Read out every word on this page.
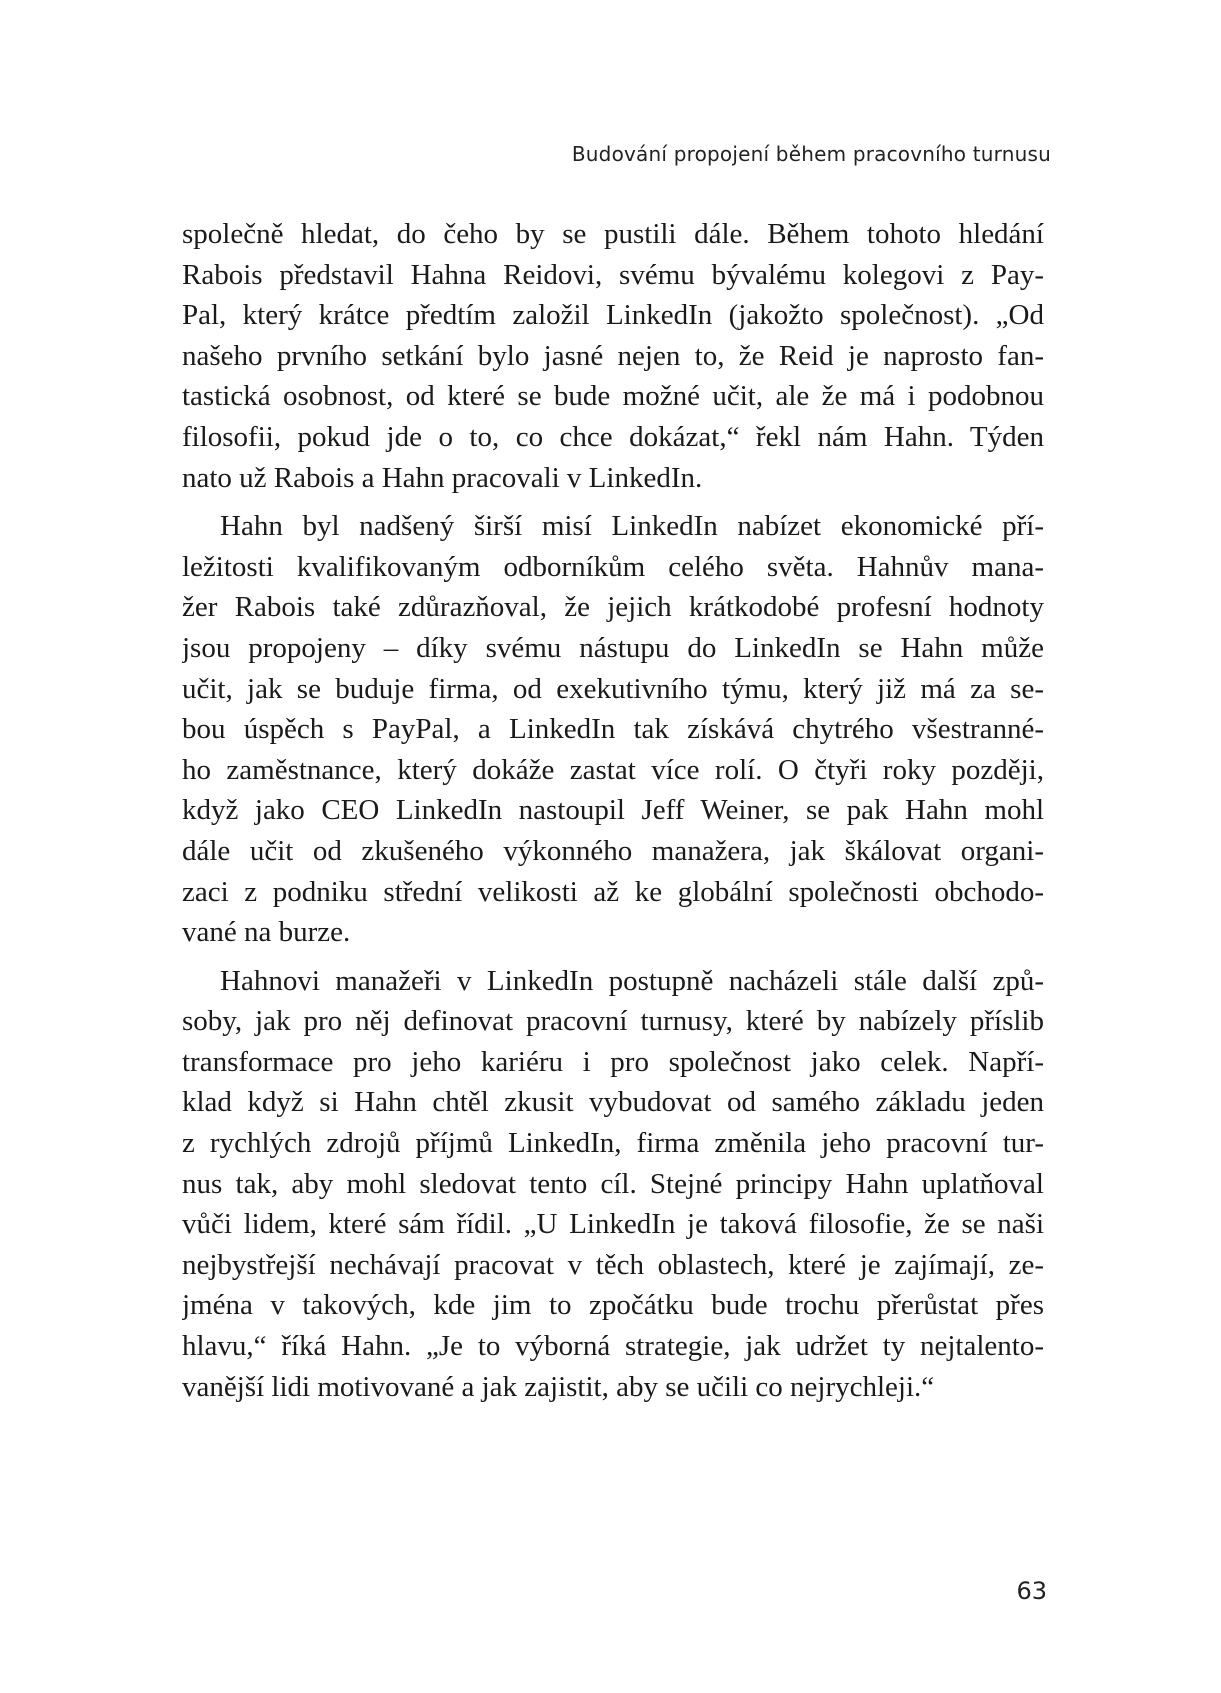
Budování propojení během pracovního turnusu
společně hledat, do čeho by se pustili dále. Během tohoto hledání
Rabois představil Hahna Reidovi, svému bývalému kolegovi z Pay-
Pal, který krátce předtím založil LinkedIn (jakožto společnost). „Od
našeho prvního setkání bylo jasné nejen to, že Reid je naprosto fan-
tastická osobnost, od které se bude možné učit, ale že má i podobnou
filosofii, pokud jde o to, co chce dokázat,“ řekl nám Hahn. Týden
nato už Rabois a Hahn pracovali v LinkedIn.
Hahn byl nadšený širší misí LinkedIn nabízet ekonomické pří-
ležitosti kvalifikovaným odborníkům celého světa. Hahnův mana-
žer Rabois také zdůrazňoval, že jejich krátkodobé profesní hodnoty
jsou propojeny – díky svému nástupu do LinkedIn se Hahn může
učit, jak se buduje firma, od exekutivního týmu, který již má za se-
bou úspěch s PayPal, a LinkedIn tak získává chytrého všestranné-
ho zaměstnance, který dokáže zastat více rolí. O čtyři roky později,
když jako CEO LinkedIn nastoupil Jeff Weiner, se pak Hahn mohl
dále učit od zkušeného výkonného manažera, jak škálovat organi-
zaci z podniku střední velikosti až ke globální společnosti obchodo-
vané na burze.
Hahnovi manažeři v LinkedIn postupně nacházeli stále další způ-
soby, jak pro něj definovat pracovní turnusy, které by nabízely příslib
transformace pro jeho kariéru i pro společnost jako celek. Napří-
klad když si Hahn chtěl zkusit vybudovat od samého základu jeden
z rychlých zdrojů příjmů LinkedIn, firma změnila jeho pracovní tur-
nus tak, aby mohl sledovat tento cíl. Stejné principy Hahn uplatňoval
vůči lidem, které sám řídil. „U LinkedIn je taková filosofie, že se naši
nejbystřejší nechávají pracovat v těch oblastech, které je zajímají, ze-
jména v takových, kde jim to zpočátku bude trochu přerůstat přes
hlavu,“ říká Hahn. „Je to výborná strategie, jak udržet ty nejtalento-
vanější lidi motivované a jak zajistit, aby se učili co nejrychleji.“
63
